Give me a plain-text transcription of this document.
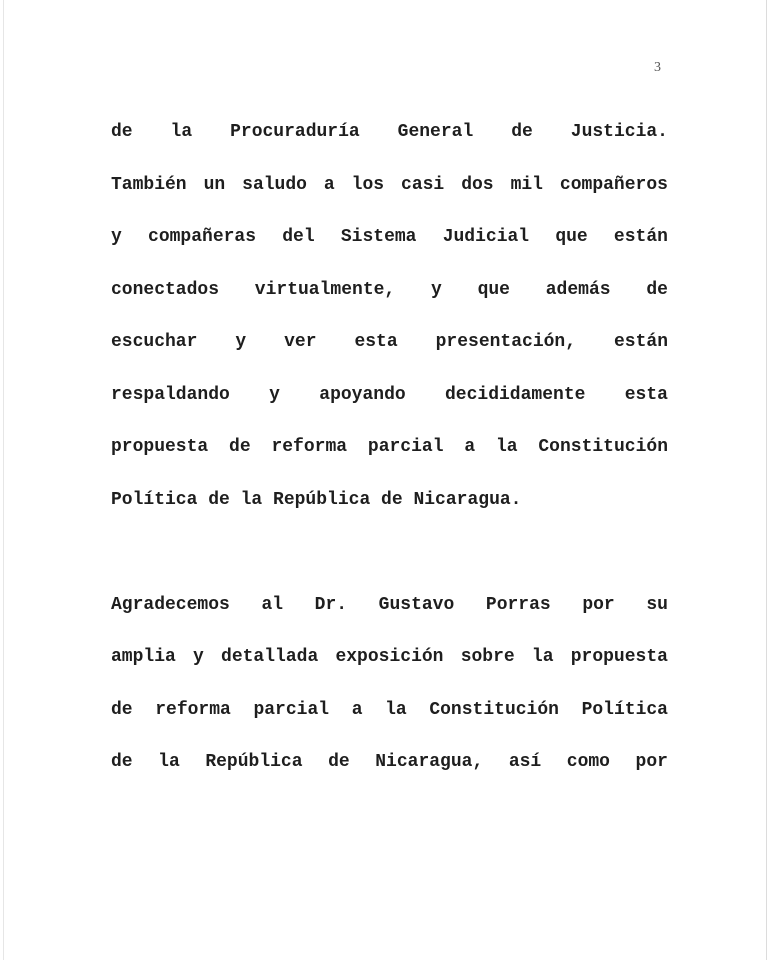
3
de la Procuraduría General de Justicia.
También un saludo a los casi dos mil compañeros
y compañeras del Sistema Judicial que están
conectados virtualmente, y que además de
escuchar y ver esta presentación, están
respaldando y apoyando decididamente esta
propuesta de reforma parcial a la Constitución
Política de la República de Nicaragua.
Agradecemos al Dr. Gustavo Porras por su
amplia y detallada exposición sobre la propuesta
de reforma parcial a la Constitución Política
de la República de Nicaragua, así como por
